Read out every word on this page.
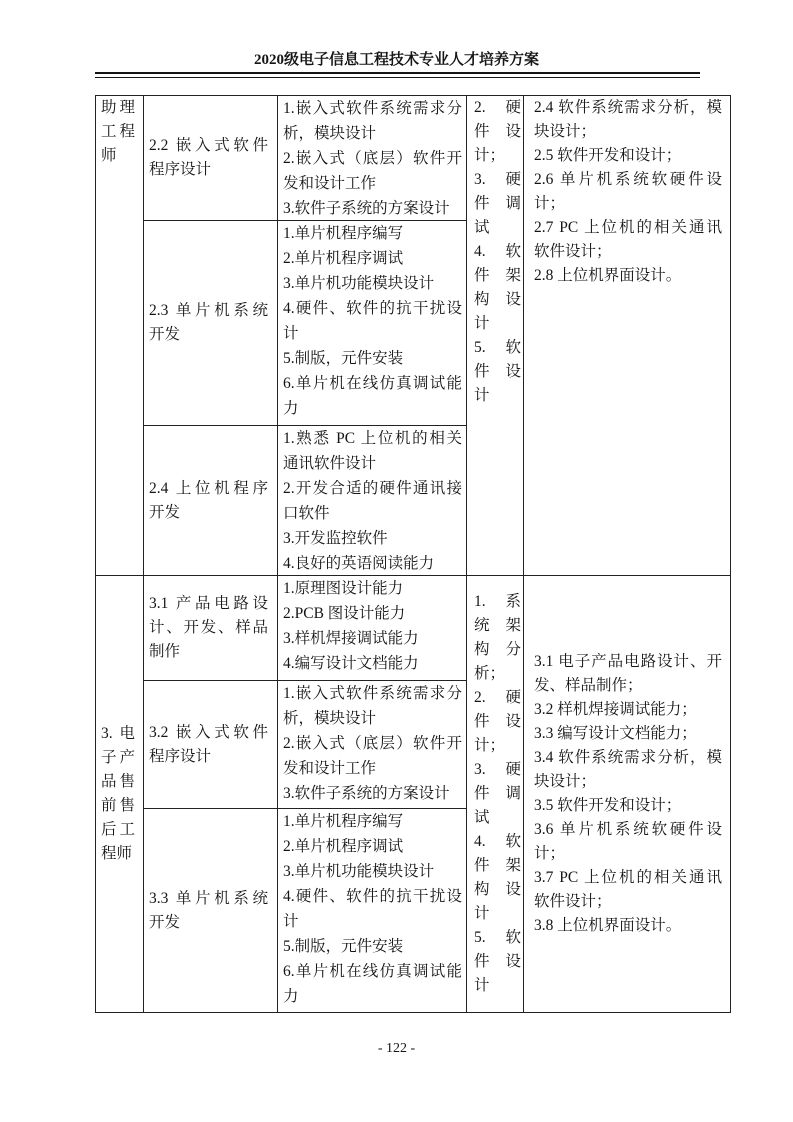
2020级电子信息工程技术专业人才培养方案
助理
工程
师
2.2 嵌入式软件
程序设计
1.嵌入式软件系统需求分
析，模块设计
2.嵌入式（底层）软件开
发和设计工作
3.软件子系统的方案设计
2.3 单片机系统
开发
1.单片机程序编写
2.单片机程序调试
3.单片机功能模块设计
4.硬件、软件的抗干扰设
计
5.制版，元件安装
6.单片机在线仿真调试能
力
2.4 上位机程序
开发
1.熟悉 PC 上位机的相关
通讯软件设计
2.开发合适的硬件通讯接
口软件
3.开发监控软件
4.良好的英语阅读能力
2. 硬
件设
计；
3. 硬
件调
试
4. 软
件架
构设
计
5. 软
件设
计
2.4 软件系统需求分析，模
块设计；
2.5 软件开发和设计；
2.6 单片机系统软硬件设
计；
2.7 PC 上位机的相关通讯
软件设计；
2.8 上位机界面设计。
3.电
子产
品售
前售
后工
程师
3.1 产品电路设
计、开发、样品
制作
1.原理图设计能力
2.PCB 图设计能力
3.样机焊接调试能力
4.编写设计文档能力
3.2 嵌入式软件
程序设计
1.嵌入式软件系统需求分
析，模块设计
2.嵌入式（底层）软件开
发和设计工作
3.软件子系统的方案设计
3.3 单片机系统
开发
1.单片机程序编写
2.单片机程序调试
3.单片机功能模块设计
4.硬件、软件的抗干扰设
计
5.制版，元件安装
6.单片机在线仿真调试能
力
1. 系
统架
构分
析；
2. 硬
件设
计；
3. 硬
件调
试
4. 软
件架
构设
计
5. 软
件设
计
3.1 电子产品电路设计、开
发、样品制作；
3.2 样机焊接调试能力；
3.3 编写设计文档能力；
3.4 软件系统需求分析，模
块设计；
3.5 软件开发和设计；
3.6 单片机系统软硬件设
计；
3.7 PC 上位机的相关通讯
软件设计；
3.8 上位机界面设计。
- 122 -
